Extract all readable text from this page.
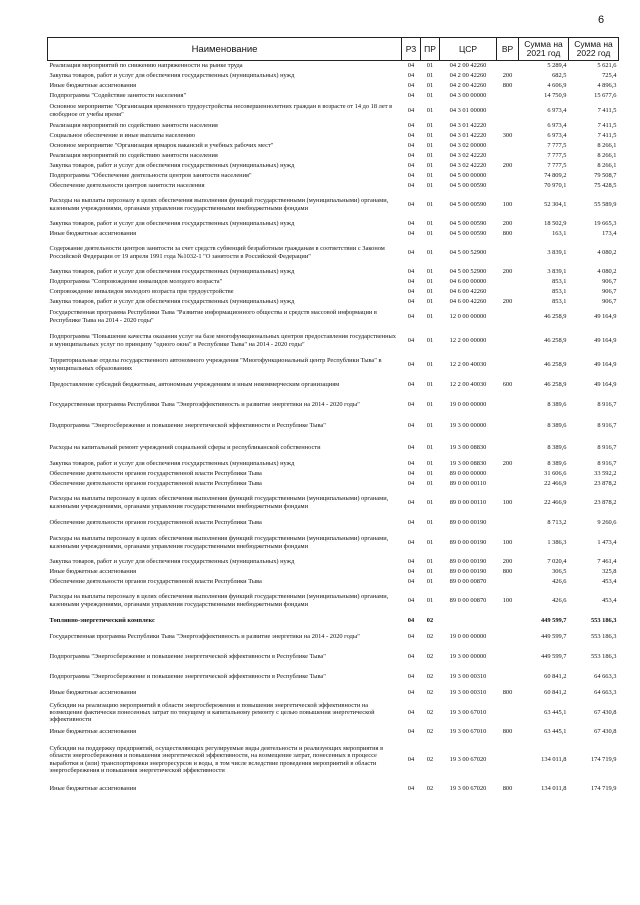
6
Наименование	РЗ	ПР	ЦСР	ВР	Сумма на 2021 год	Сумма на 2022 год
Реализация мероприятий по снижению напряженности на рынке труда	04	01	04 2 00 42260		5 289,4	5 621,6
Закупка товаров, работ и услуг для обеспечения государственных (муниципальных) нужд	04	01	04 2 00 42260	200	682,5	725,4
Иные бюджетные ассигнования	04	01	04 2 00 42260	800	4 606,9	4 896,3
Подпрограмма "Содействие занятости населения"	04	01	04 3 00 00000		14 750,9	15 677,6
Основное мероприятие "Организация временного трудоустройства несовершеннолетних граждан в возрасте от 14 до 18 лет в свободное от учебы время"	04	01	04 3 01 00000		6 973,4	7 411,5
Реализация мероприятий по содействию занятости населения	04	01	04 3 01 42220		6 973,4	7 411,5
Социальное обеспечение и иные выплаты населению	04	01	04 3 01 42220	300	6 973,4	7 411,5
Основное мероприятие "Организация ярмарок вакансий и учебных рабочих мест"	04	01	04 3 02 00000		7 777,5	8 266,1
Реализация мероприятий по содействию занятости населения	04	01	04 3 02 42220		7 777,5	8 266,1
Закупка товаров, работ и услуг для обеспечения государственных (муниципальных) нужд	04	01	04 3 02 42220	200	7 777,5	8 266,1
Подпрограмма "Обеспечение деятельности центров занятости населения"	04	01	04 5 00 00000		74 809,2	79 508,7
Обеспечение деятельности центров занятости населения	04	01	04 5 00 00590		70 970,1	75 428,5
Расходы на выплаты персоналу в целях обеспечения выполнения функций государственными (муниципальными) органами, казенными учреждениями, органами управления государственными внебюджетными фондами	04	01	04 5 00 00590	100	52 304,1	55 589,9
Закупка товаров, работ и услуг для обеспечения государственных (муниципальных) нужд	04	01	04 5 00 00590	200	18 502,9	19 665,3
Иные бюджетные ассигнования	04	01	04 5 00 00590	800	163,1	173,4
Содержание деятельности центров занятости за счет средств субвенций безработным гражданам в соответствии с Законом Российской Федерации от 19 апреля 1991 года №1032-1 "О занятости в Российской Федерации"	04	01	04 5 00 52900		3 839,1	4 080,2
Закупка товаров, работ и услуг для обеспечения государственных (муниципальных) нужд	04	01	04 5 00 52900	200	3 839,1	4 080,2
Подпрограмма "Сопровождение инвалидов молодого возраста"	04	01	04 6 00 00000		853,1	906,7
Сопровождение инвалидов молодого возраста при трудоустройстве	04	01	04 6 00 42260		853,1	906,7
Закупка товаров, работ и услуг для обеспечения государственных (муниципальных) нужд	04	01	04 6 00 42260	200	853,1	906,7
Государственная программа Республики Тыва "Развитие информационного общества и средств массовой информации в Республике Тыва на 2014 - 2020 годы"	04	01	12 0 00 00000		46 258,9	49 164,9
Подпрограмма "Повышение качества оказания услуг на базе многофункциональных центров предоставления государственных и муниципальных услуг по принципу "одного окна" в Республике Тыва" на 2014 - 2020 годы"	04	01	12 2 00 00000		46 258,9	49 164,9
Территориальные отделы государственного автономного учреждения "Многофункциональный центр Республики Тыва" в муниципальных образованиях	04	01	12 2 00 40030		46 258,9	49 164,9
Предоставление субсидий бюджетным, автономным учреждениям и иным некоммерческим организациям	04	01	12 2 00 40030	600	46 258,9	49 164,9
Государственная программа Республики Тыва "Энергоэффективность и развитие энергетики на 2014 - 2020 годы"	04	01	19 0 00 00000		8 389,6	8 916,7
Подпрограмма "Энергосбережение и повышение энергетической эффективности в Республике Тыва"	04	01	19 3 00 00000		8 389,6	8 916,7
Расходы на капитальный ремонт учреждений социальной сферы и республиканской собственности	04	01	19 3 00 08830		8 389,6	8 916,7
Закупка товаров, работ и услуг для обеспечения государственных (муниципальных) нужд	04	01	19 3 00 08830	200	8 389,6	8 916,7
Обеспечение деятельности органов государственной власти Республики Тыва	04	01	89 0 00 00000		31 606,6	33 592,2
Обеспечение деятельности органов государственной власти Республики Тыва	04	01	89 0 00 00110		22 466,9	23 878,2
Расходы на выплаты персоналу в целях обеспечения выполнения функций государственными (муниципальными) органами, казенными учреждениями, органами управления государственными внебюджетными фондами	04	01	89 0 00 00110	100	22 466,9	23 878,2
Обеспечение деятельности органов государственной власти Республики Тыва	04	01	89 0 00 00190		8 713,2	9 260,6
Расходы на выплаты персоналу в целях обеспечения выполнения функций государственными (муниципальными) органами, казенными учреждениями, органами управления государственными внебюджетными фондами	04	01	89 0 00 00190	100	1 386,3	1 473,4
Закупка товаров, работ и услуг для обеспечения государственных (муниципальных) нужд	04	01	89 0 00 00190	200	7 020,4	7 461,4
Иные бюджетные ассигнования	04	01	89 0 00 00190	800	306,5	325,8
Обеспечение деятельности органов государственной власти Республики Тыва	04	01	89 0 00 00870		426,6	453,4
Расходы на выплаты персоналу в целях обеспечения выполнения функций государственными (муниципальными) органами, казенными учреждениями, органами управления государственными внебюджетными фондами	04	01	89 0 00 00870	100	426,6	453,4
Топливно-энергетический комплекс	04	02			449 599,7	553 186,3
Государственная программа Республики Тыва "Энергоэффективность и развитие энергетики на 2014 - 2020 годы"	04	02	19 0 00 00000		449 599,7	553 186,3
Подпрограмма "Энергосбережение и повышение энергетической эффективности в Республике Тыва"	04	02	19 3 00 00000		449 599,7	553 186,3
Подпрограмма "Энергосбережение и повышение энергетической эффективности в Республике Тыва"	04	02	19 3 00 00310		60 841,2	64 663,3
Иные бюджетные ассигнования	04	02	19 3 00 00310	800	60 841,2	64 663,3
Субсидии на реализацию мероприятий в области энергосбережения и повышения энергетической эффективности на возмещение фактически понесенных затрат по текущему и капитальному ремонту с целью повышения энергетической эффективности	04	02	19 3 00 67010		63 445,1	67 430,8
Иные бюджетные ассигнования	04	02	19 3 00 67010	800	63 445,1	67 430,8
Субсидии на поддержку предприятий, осуществляющих регулируемые виды деятельности и реализующих мероприятия в области энергосбережения и повышения энергетической эффективности, на возмещение затрат, понесенных в процессе выработки и (или) транспортировки энергоресурсов и воды, в том числе вследствие проведения мероприятий в области энергосбережения и повышения энергетической эффективности	04	02	19 3 00 67020		134 011,8	174 719,9
Иные бюджетные ассигнования	04	02	19 3 00 67020	800	134 011,8	174 719,9
